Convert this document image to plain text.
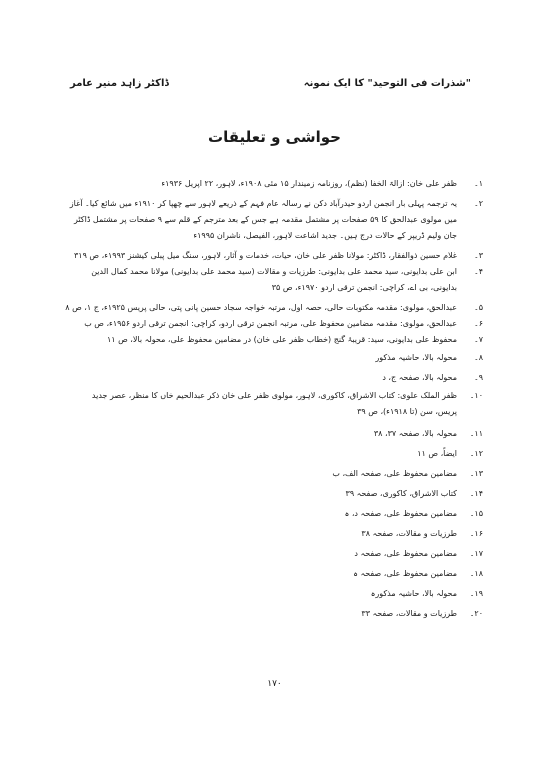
"شذرات فی التوحید" کا ایک نمونہ
ڈاکٹر زاہد منیر عامر
حواشی و تعلیقات
۱۔
ظفر علی خان: ازالۃ الخفا (نظم)، روزنامہ زمیندار ۱۵ مئی ۱۹۰۸ء، لاہور، ۲۲ اپریل ۱۹۳۶ء
۲۔
یہ ترجمہ پہلی بار انجمن اردو حیدرآباد دکن نے رسالہ عام فہم کے ذریعے لاہور سے چھپا کر ۱۹۱۰ء میں شائع کیا۔ آغاز میں مولوی عبدالحق کا ۵۹ صفحات پر مشتمل مقدمہ ہے جس کے بعد مترجم کے قلم سے ۹ صفحات پر مشتمل ڈاکٹر جان ولیم ڈریپر کے حالات درج ہیں۔ جدید اشاعت لاہور، الفیصل، ناشران ۱۹۹۵ء
۳۔
غلام حسین ذوالفقار، ڈاکٹر: مولانا ظفر علی خان، حیات، خدمات و آثار، لاہور، سنگ میل پبلی کیشنز ۱۹۹۳ء، ص ۳۱۹
۴۔
ابن علی بدایونی، سید محمد علی بدایونی: طرزیات و مقالات (سید محمد علی بدایونی) مولانا محمد کمال الدین بدایونی، بی اے، کراچی: انجمن ترقی اردو ۱۹۷۰ء، ص ۳۵
۵۔
عبدالحق، مولوی: مقدمہ مکتوبات حالی، حصہ اول، مرتبہ خواجہ سجاد حسین پانی پتی، حالی پریس ۱۹۲۵ء، ج ۱، ص ۸
۶۔
عبدالحق، مولوی: مقدمہ مضامین محفوظ علی، مرتبہ انجمن ترقی اردو، کراچی: انجمن ترقی اردو ۱۹۵۶ء، ص ب
۷۔
محفوظ علی بدایونی، سید: قریبۂ گنج (خطاب ظفر علی خان) در مضامین محفوظ علی، محولہ بالا، ص ۱۱
۸۔
محولہ بالا، حاشیہ مذکور
۹۔
محولہ بالا، صفحہ ج، د
۱۰۔
ظفر الملک علوی: کتاب الاشراق، کاکوری، لاہور، مولوی ظفر علی خان ذکر عبدالحیم خاں کا منظر، عصر جدید پریس، سن (تا ۱۹۱۸ء)، ص ۳۹
۱۱۔
محولہ بالا، صفحہ ۳۷، ۳۸
۱۲۔
ایضاً، ص ۱۱
۱۳۔
مضامین محفوظ علی، صفحہ الف، ب
۱۴۔
کتاب الاشراق، کاکوری، صفحہ ۳۹
۱۵۔
مضامین محفوظ علی، صفحہ د، ہ
۱۶۔
طرزیات و مقالات، صفحہ ۳۸
۱۷۔
مضامین محفوظ علی، صفحہ د
۱۸۔
مضامین محفوظ علی، صفحہ ہ
۱۹۔
محولہ بالا، حاشیہ مذکورہ
۲۰۔
طرزیات و مقالات، صفحہ ۳۳
۱۷۰
